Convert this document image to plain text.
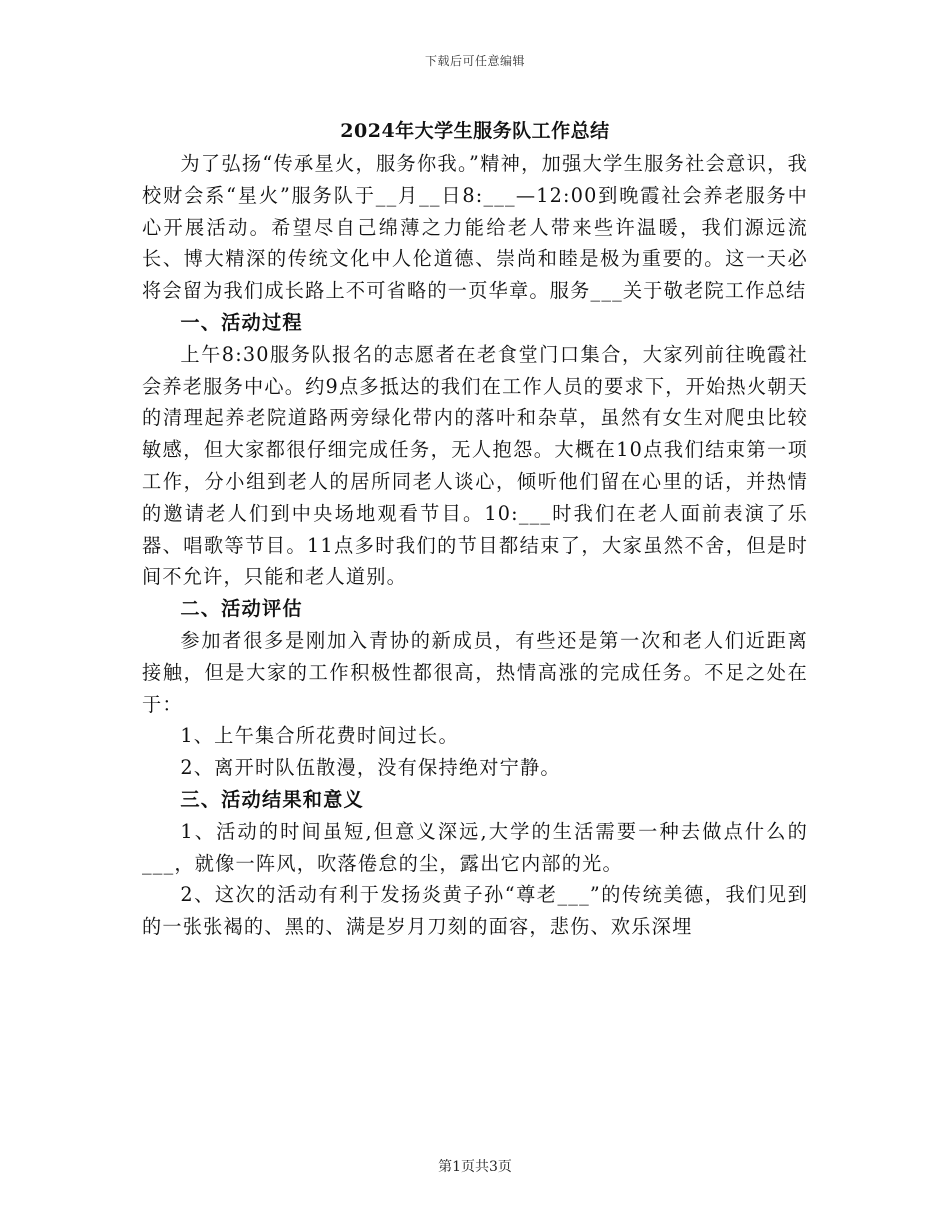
下载后可任意编辑
2024年大学生服务队工作总结

为了弘扬“传承星火，服务你我。”精神，加强大学生服务社会意识，我校财会系“星火”服务队于__月__日8:___—12:00到晚霞社会养老服务中心开展活动。希望尽自己绵薄之力能给老人带来些许温暖，我们源远流长、博大精深的传统文化中人伦道德、崇尚和睦是极为重要的。这一天必将会留为我们成长路上不可省略的一页华章。服务___关于敬老院工作总结

一、活动过程

上午8:30服务队报名的志愿者在老食堂门口集合，大家列前往晚霞社会养老服务中心。约9点多抵达的我们在工作人员的要求下，开始热火朝天的清理起养老院道路两旁绿化带内的落叶和杂草，虽然有女生对爬虫比较敏感，但大家都很仔细完成任务，无人抱怨。大概在10点我们结束第一项工作，分小组到老人的居所同老人谈心，倾听他们留在心里的话，并热情的邀请老人们到中央场地观看节目。10:___时我们在老人面前表演了乐器、唱歌等节目。11点多时我们的节目都结束了，大家虽然不舍，但是时间不允许，只能和老人道别。

二、活动评估

参加者很多是刚加入青协的新成员，有些还是第一次和老人们近距离接触，但是大家的工作积极性都很高，热情高涨的完成任务。不足之处在于：

1、上午集合所花费时间过长。

2、离开时队伍散漫，没有保持绝对宁静。

三、活动结果和意义

1、活动的时间虽短,但意义深远,大学的生活需要一种去做点什么的___，就像一阵风，吹落倦怠的尘，露出它内部的光。

2、这次的活动有利于发扬炎黄子孙“尊老___”的传统美德，我们见到的一张张褐的、黑的、满是岁月刀刻的面容，悲伤、欢乐深埋

第1页共3页
